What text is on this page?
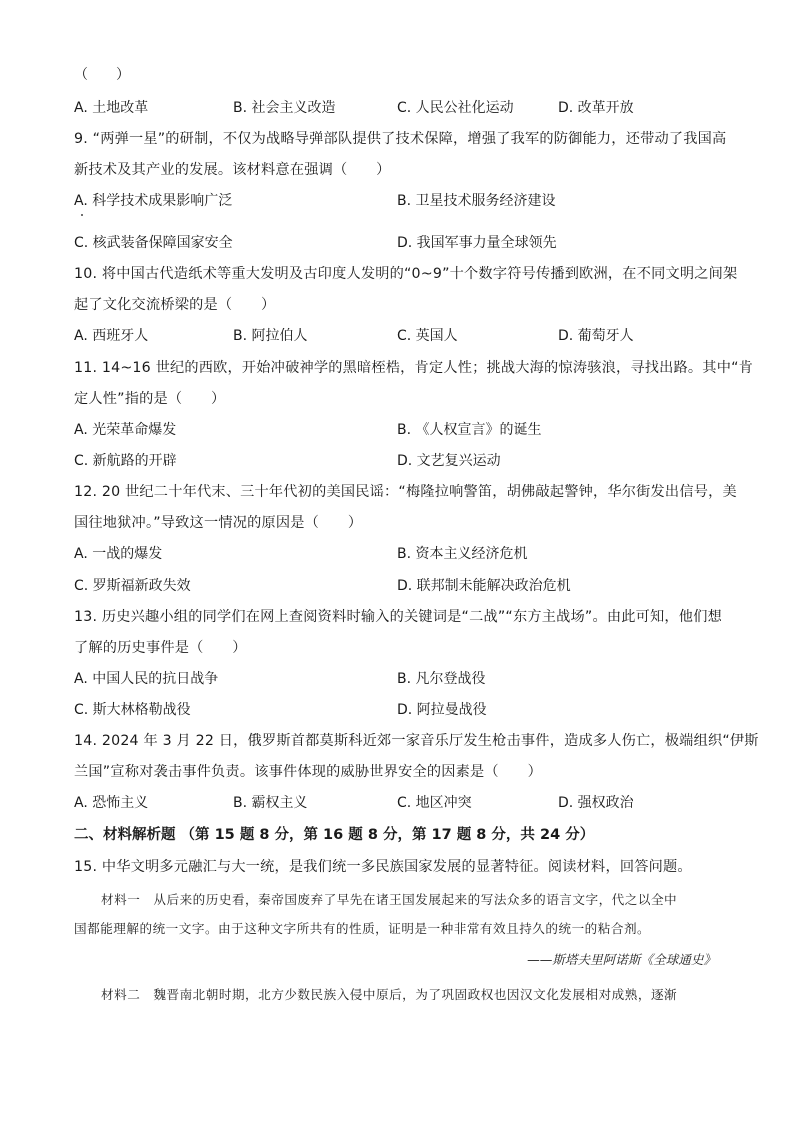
（　　）
A. 土地改革	B. 社会主义改造	C. 人民公社化运动	D. 改革开放
9. “两弹一星”的研制，不仅为战略导弹部队提供了技术保障，增强了我军的防御能力，还带动了我国高
新技术及其产业的发展。该材料意在强调（　　）
A. 科学技术成果影响广泛	B. 卫星技术服务经济建设
C. 核武装备保障国家安全	D. 我国军事力量全球领先
10. 将中国古代造纸术等重大发明及古印度人发明的“0~9”十个数字符号传播到欧洲，在不同文明之间架
起了文化交流桥梁的是（　　）
A. 西班牙人	B. 阿拉伯人	C. 英国人	D. 葡萄牙人
11. 14~16 世纪的西欧，开始冲破神学的黑暗桎梏，肯定人性；挑战大海的惊涛骇浪，寻找出路。其中“肯
定人性”指的是（　　）
A. 光荣革命爆发	B. 《人权宣言》的诞生
C. 新航路的开辟	D. 文艺复兴运动
12. 20 世纪二十年代末、三十年代初的美国民谣：“梅隆拉响警笛，胡佛敲起警钟，华尔街发出信号，美
国往地狱冲。”导致这一情况的原因是（　　）
A. 一战的爆发	B. 资本主义经济危机
C. 罗斯福新政失效	D. 联邦制未能解决政治危机
13. 历史兴趣小组的同学们在网上查阅资料时输入的关键词是“二战”“东方主战场”。由此可知，他们想
了解的历史事件是（　　）
A. 中国人民的抗日战争	B. 凡尔登战役
C. 斯大林格勒战役	D. 阿拉曼战役
14. 2024 年 3 月 22 日，俄罗斯首都莫斯科近郊一家音乐厅发生枪击事件，造成多人伤亡，极端组织“伊斯
兰国”宣称对袭击事件负责。该事件体现的威胁世界安全的因素是（　　）
A. 恐怖主义	B. 霸权主义	C. 地区冲突	D. 强权政治
二、材料解析题 （第 15 题 8 分，第 16 题 8 分，第 17 题 8 分，共 24 分）
15. 中华文明多元融汇与大一统，是我们统一多民族国家发展的显著特征。阅读材料，回答问题。
材料一　从后来的历史看，秦帝国废弃了早先在诸王国发展起来的写法众多的语言文字，代之以全中
国都能理解的统一文字。由于这种文字所共有的性质，证明是一种非常有效且持久的统一的粘合剂。
——斯塔夫里阿诺斯《全球通史》
材料二　魏晋南北朝时期，北方少数民族入侵中原后，为了巩固政权也因汉文化发展相对成熟，逐渐
